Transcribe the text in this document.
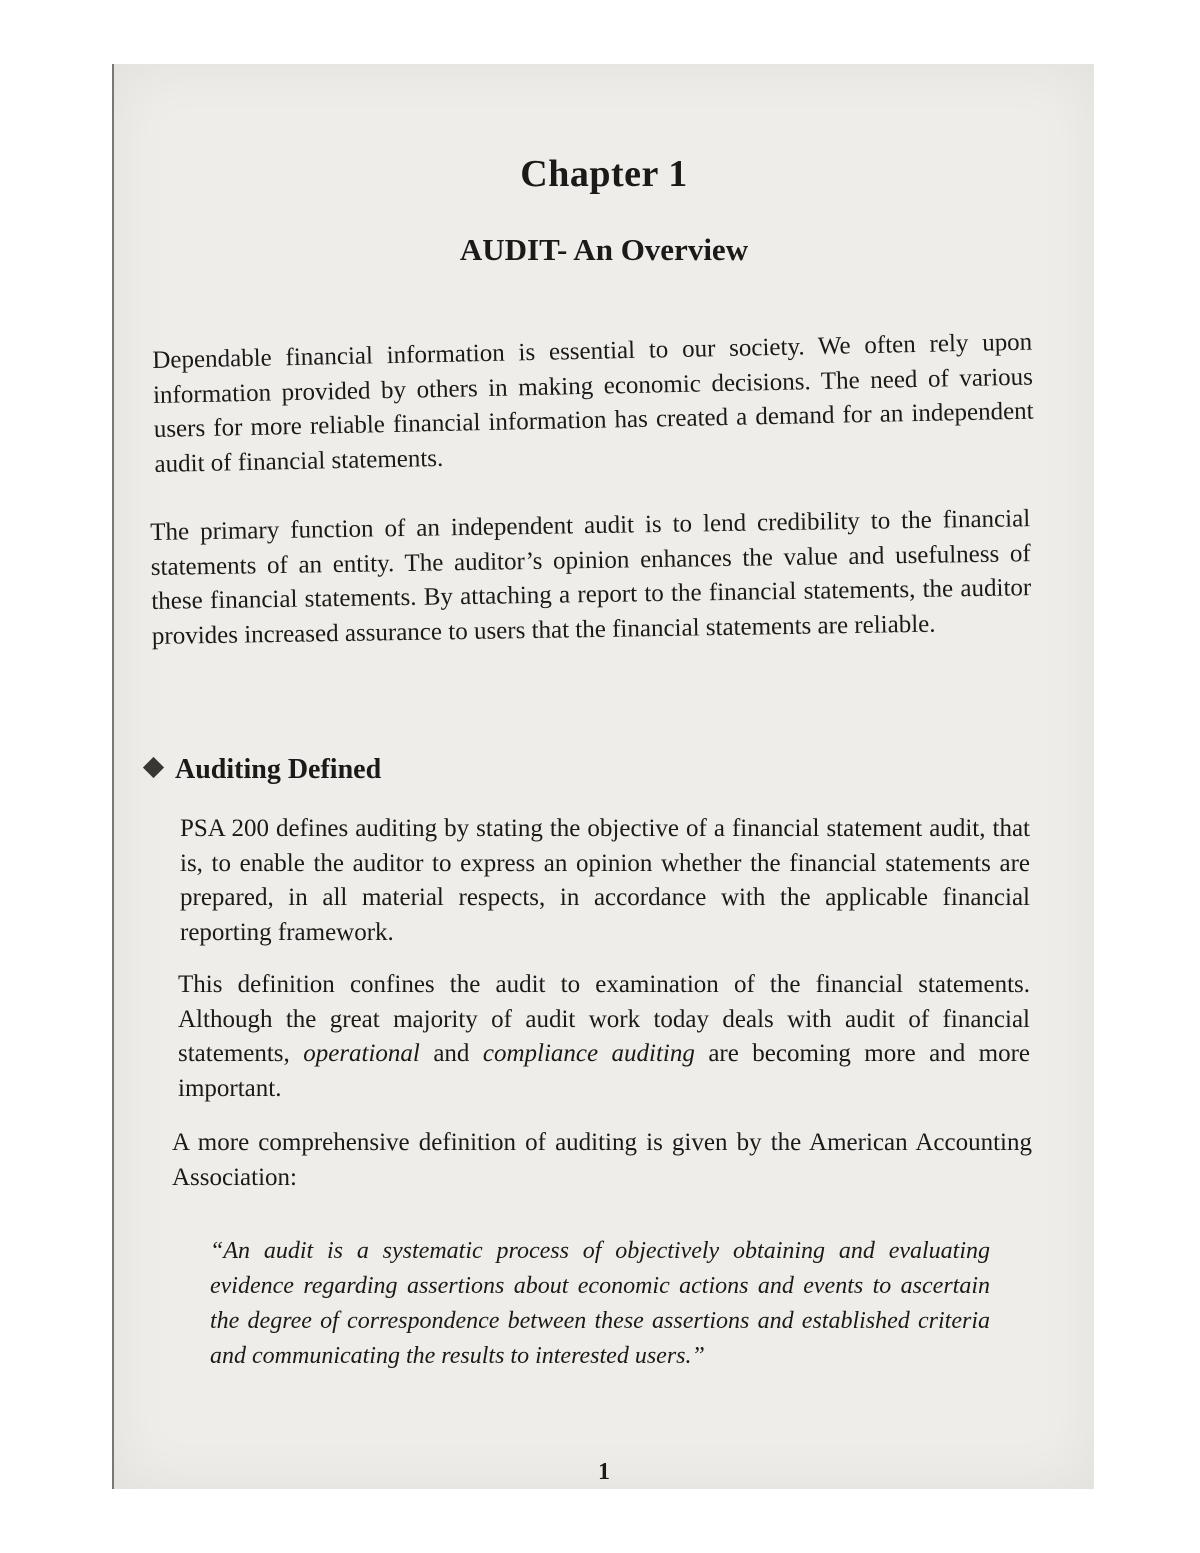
Chapter 1
AUDIT- An Overview

Dependable financial information is essential to our society. We often rely upon information provided by others in making economic decisions. The need of various users for more reliable financial information has created a demand for an independent audit of financial statements.

The primary function of an independent audit is to lend credibility to the financial statements of an entity. The auditor’s opinion enhances the value and usefulness of these financial statements. By attaching a report to the financial statements, the auditor provides increased assurance to users that the financial statements are reliable.

Auditing Defined

PSA 200 defines auditing by stating the objective of a financial statement audit, that is, to enable the auditor to express an opinion whether the financial statements are prepared, in all material respects, in accordance with the applicable financial reporting framework.

This definition confines the audit to examination of the financial statements. Although the great majority of audit work today deals with audit of financial statements, operational and compliance auditing are becoming more and more important.

A more comprehensive definition of auditing is given by the American Accounting Association:

“An audit is a systematic process of objectively obtaining and evaluating evidence regarding assertions about economic actions and events to ascertain the degree of correspondence between these assertions and established criteria and communicating the results to interested users.”

1
